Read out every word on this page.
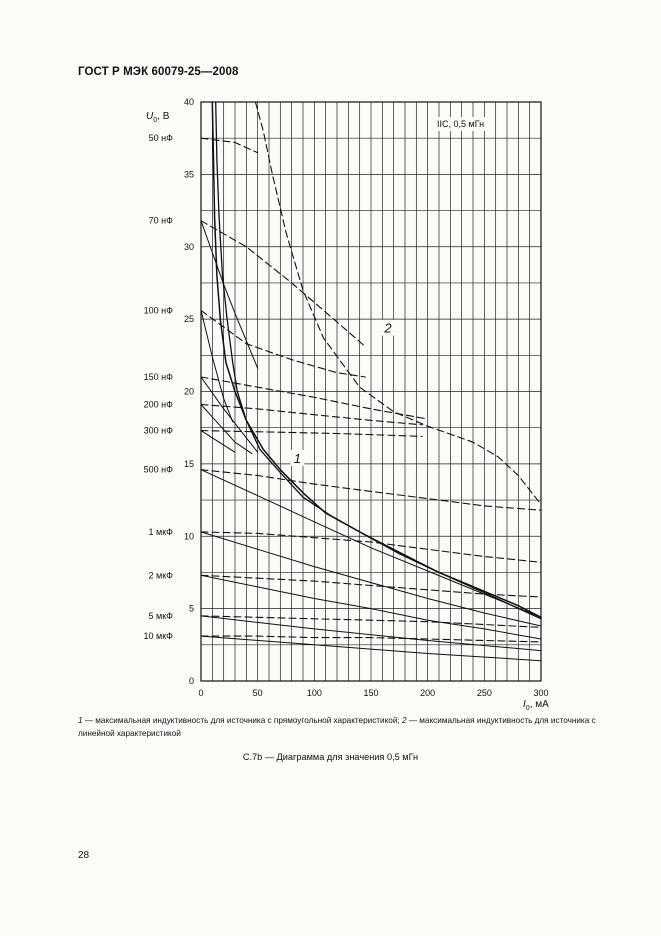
ГОСТ Р МЭК 60079-25—2008
0	50	100	150	200	250	300
0
5
10
15
20
25
30
35
40
50 нФ
70 нФ
100 нФ
150 нФ
200 нФ
300 нФ
500 нФ
1 мкФ
2 мкФ
5 мкФ
10 мкФ
1
2
IIC, 0,5 мГн
$U_0$, В
$I_0$, мА
1 — максимальная индуктивность для источника с прямоугольной характеристикой; 2 — максимальная индуктивность для источника с линейной характеристикой
С.7b — Диаграмма для значения 0,5 мГн
28
